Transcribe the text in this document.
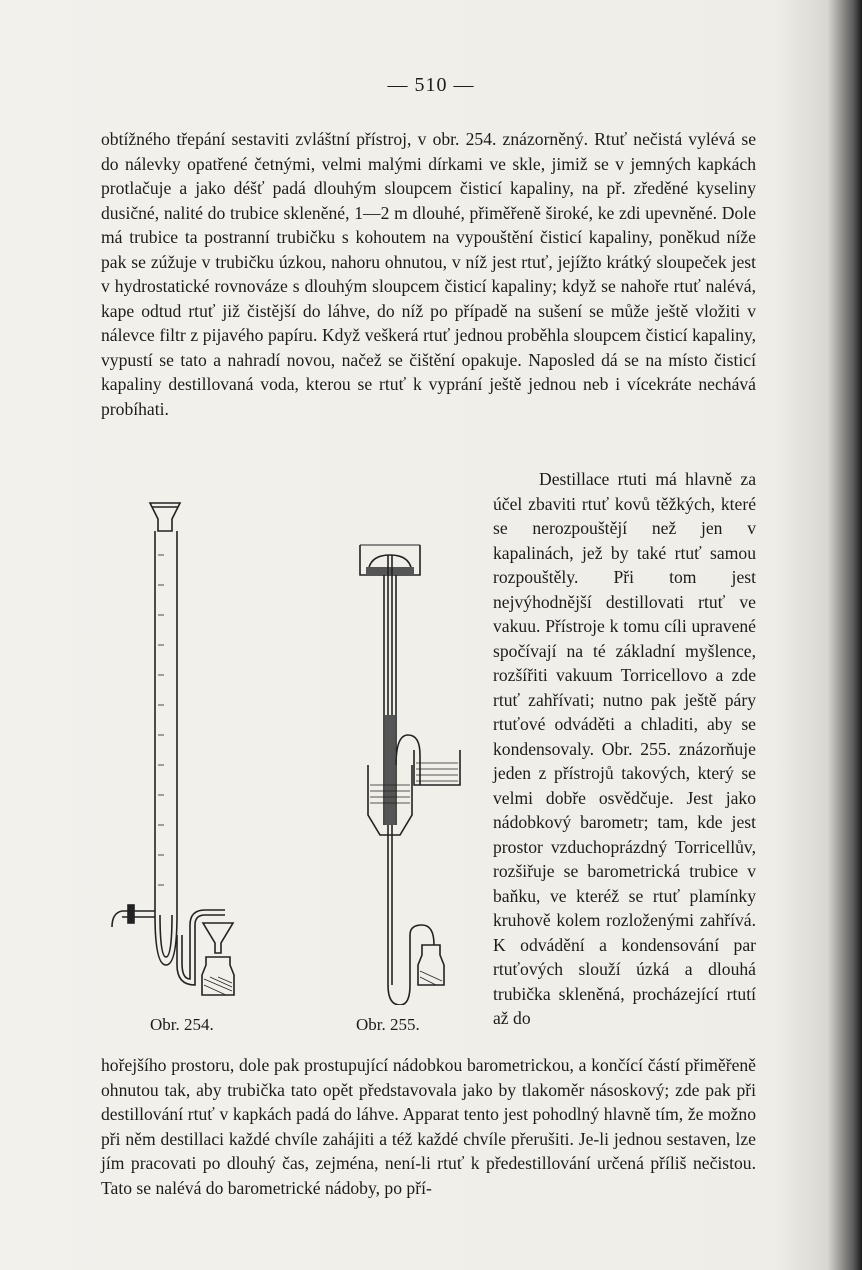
— 510 —

obtížného třepání sestaviti zvláštní přístroj, v obr. 254. znázorněný. Rtuť nečistá vylévá se do nálevky opatřené četnými, velmi malými dírkami ve skle, jimiž se v jemných kapkách protlačuje a jako déšť padá dlouhým sloupcem čisticí kapaliny, na př. zředěné kyseliny dusičné, nalité do trubice skleněné, 1—2 m dlouhé, přiměřeně široké, ke zdi upevněné. Dole má trubice ta postranní trubičku s kohoutem na vypouštění čisticí kapaliny, poněkud níže pak se zúžuje v trubičku úzkou, nahoru ohnutou, v níž jest rtuť, jejížto krátký sloupeček jest v hydrostatické rovnováze s dlouhým sloupcem čisticí kapaliny; když se nahoře rtuť nalévá, kape odtud rtuť již čistější do láhve, do níž po případě na sušení se může ještě vložiti v nálevce filtr z pijavého papíru. Když veškerá rtuť jednou proběhla sloupcem čisticí kapaliny, vypustí se tato a nahradí novou, načež se čištění opakuje. Naposled dá se na místo čisticí kapaliny destillovaná voda, kterou se rtuť k vyprání ještě jednou neb i vícekráte nechává probíhati.

Obr. 254.	Obr. 255.

Destillace rtuti má hlavně za účel zbaviti rtuť kovů těžkých, které se nerozpouštějí než jen v kapalinách, jež by také rtuť samou rozpouštěly. Při tom jest nejvýhodnější destillovati rtuť ve vakuu. Přístroje k tomu cíli upravené spočívají na té základní myšlence, rozšířiti vakuum Torricellovo a zde rtuť zahřívati; nutno pak ještě páry rtuťové odváděti a chladiti, aby se kondensovaly. Obr. 255. znázorňuje jeden z přístrojů takových, který se velmi dobře osvědčuje. Jest jako nádobkový barometr; tam, kde jest prostor vzduchoprázdný Torricellův, rozšiřuje se barometrická trubice v baňku, ve kteréž se rtuť plamínky kruhově kolem rozloženými zahřívá. K odvádění a kondensování par rtuťových slouží úzká a dlouhá trubička skleněná, procházející rtutí až do

hořejšího prostoru, dole pak prostupující nádobkou barometrickou, a končící částí přiměřeně ohnutou tak, aby trubička tato opět představovala jako by tlakoměr násoskový; zde pak při destillování rtuť v kapkách padá do láhve. Apparat tento jest pohodlný hlavně tím, že možno při něm destillaci každé chvíle zahájiti a též každé chvíle přerušiti. Je-li jednou sestaven, lze jím pracovati po dlouhý čas, zejména, není-li rtuť k předestillování určená příliš nečistou. Tato se nalévá do barometrické nádoby, po pří-
